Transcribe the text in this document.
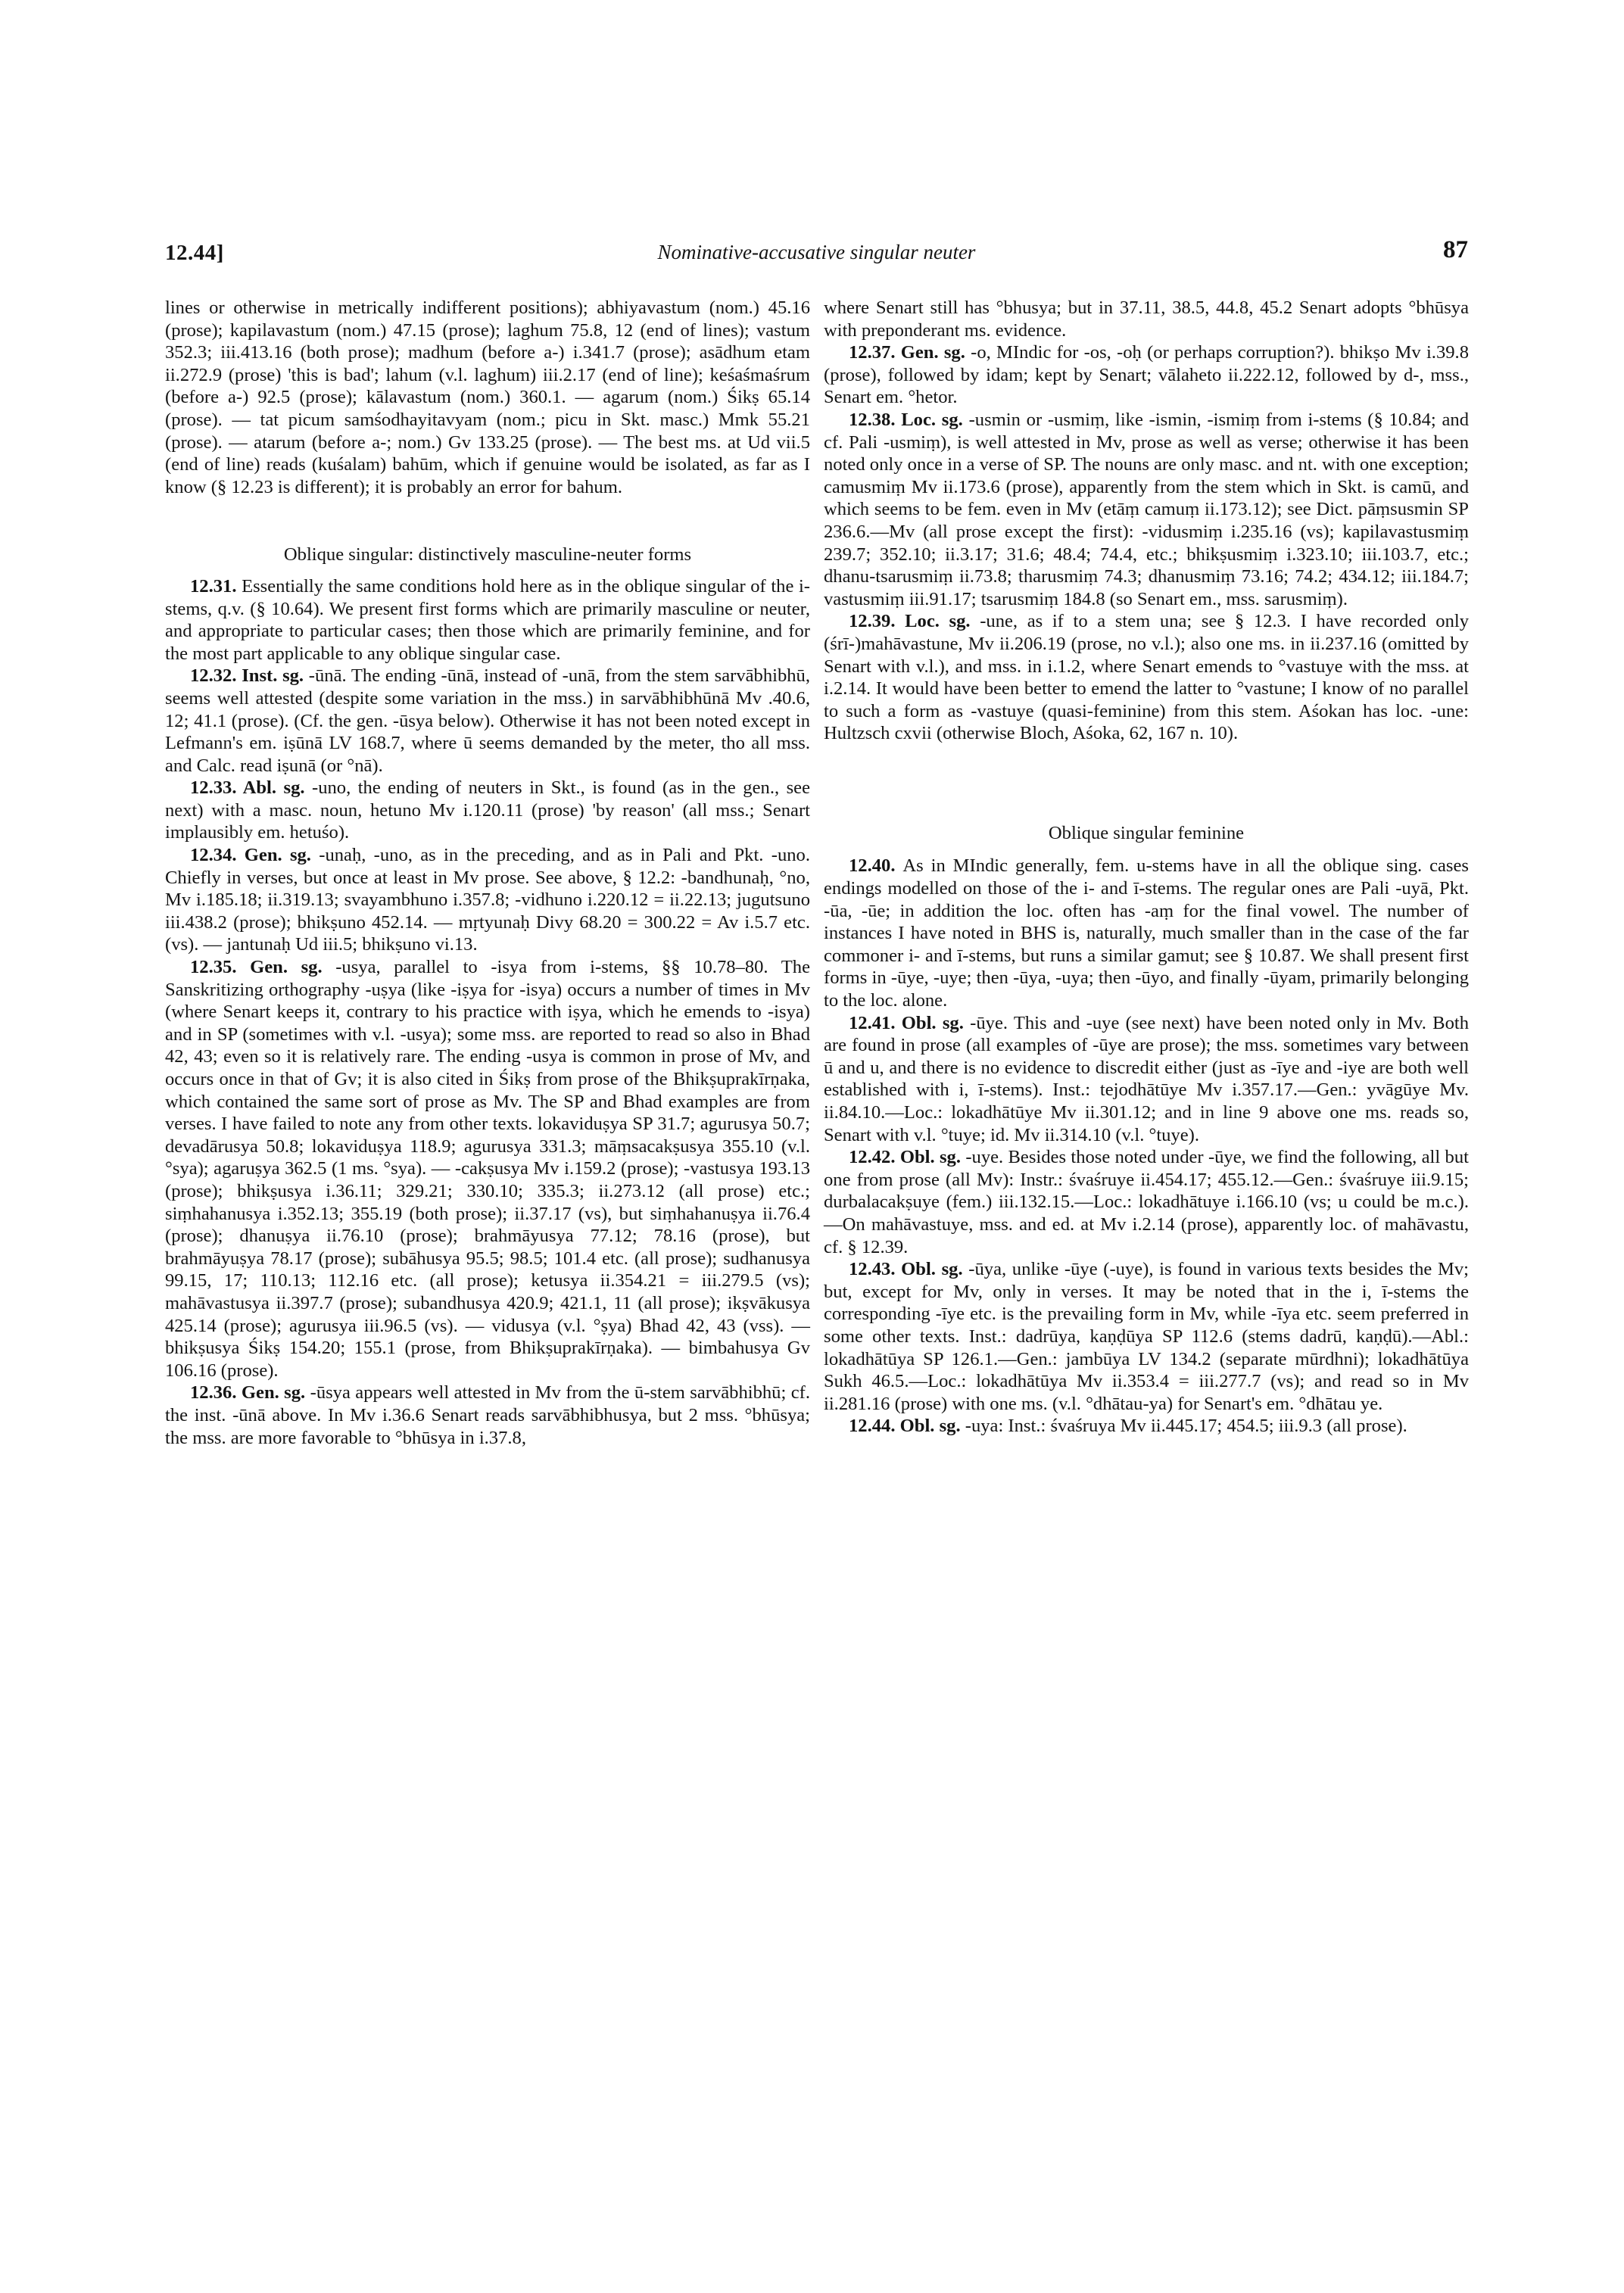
12.44]	Nominative-accusative singular neuter	87

lines or otherwise in metrically indifferent positions); abhiyavastum (nom.) 45.16 (prose); kapilavastum (nom.) 47.15 (prose); laghum 75.8, 12 (end of lines); vastum 352.3; iii.413.16 (both prose); madhum (before a-) i.341.7 (prose); asādhum etam ii.272.9 (prose) 'this is bad'; lahum (v.l. laghum) iii.2.17 (end of line); keśaśmaśrum (before a-) 92.5 (prose); kālavastum (nom.) 360.1. — agarum (nom.) Śikṣ 65.14 (prose). — tat picum samśodhayitavyam (nom.; picu in Skt. masc.) Mmk 55.21 (prose). — atarum (before a-; nom.) Gv 133.25 (prose). — The best ms. at Ud vii.5 (end of line) reads (kuśalam) bahūm, which if genuine would be isolated, as far as I know (§ 12.23 is different); it is probably an error for bahum.

Oblique singular: distinctively masculine-neuter forms

12.31. Essentially the same conditions hold here as in the oblique singular of the i-stems, q.v. (§ 10.64). We present first forms which are primarily masculine or neuter, and appropriate to particular cases; then those which are primarily feminine, and for the most part applicable to any oblique singular case.

12.32. Inst. sg. -ūnā. The ending -ūnā, instead of -unā, from the stem sarvābhibhū, seems well attested (despite some variation in the mss.) in sarvābhibhūnā Mv .40.6, 12; 41.1 (prose). (Cf. the gen. -ūsya below). Otherwise it has not been noted except in Lefmann's em. iṣūnā LV 168.7, where ū seems demanded by the meter, tho all mss. and Calc. read iṣunā (or °nā).

12.33. Abl. sg. -uno, the ending of neuters in Skt., is found (as in the gen., see next) with a masc. noun, hetuno Mv i.120.11 (prose) 'by reason' (all mss.; Senart implausibly em. hetuśo).

12.34. Gen. sg. -unaḥ, -uno, as in the preceding, and as in Pali and Pkt. -uno. Chiefly in verses, but once at least in Mv prose. See above, § 12.2: -bandhunaḥ, °no, Mv i.185.18; ii.319.13; svayambhuno i.357.8; -vidhuno i.220.12 = ii.22.13; jugutsuno iii.438.2 (prose); bhikṣuno 452.14. — mṛtyunaḥ Divy 68.20 = 300.22 = Av i.5.7 etc. (vs). — jantunaḥ Ud iii.5; bhikṣuno vi.13.

12.35. Gen. sg. -usya, parallel to -isya from i-stems, §§ 10.78–80. The Sanskritizing orthography -uṣya (like -iṣya for -isya) occurs a number of times in Mv (where Senart keeps it, contrary to his practice with iṣya, which he emends to -isya) and in SP (sometimes with v.l. -usya); some mss. are reported to read so also in Bhad 42, 43; even so it is relatively rare. The ending -usya is common in prose of Mv, and occurs once in that of Gv; it is also cited in Śikṣ from prose of the Bhikṣuprakīrṇaka, which contained the same sort of prose as Mv. The SP and Bhad examples are from verses. I have failed to note any from other texts. lokaviduṣya SP 31.7; agurusya 50.7; devadārusya 50.8; lokaviduṣya 118.9; agurusya 331.3; māṃsacakṣusya 355.10 (v.l. °sya); agaruṣya 362.5 (1 ms. °sya). — -cakṣusya Mv i.159.2 (prose); -vastusya 193.13 (prose); bhikṣusya i.36.11; 329.21; 330.10; 335.3; ii.273.12 (all prose) etc.; siṃhahanusya i.352.13; 355.19 (both prose); ii.37.17 (vs), but siṃhahanuṣya ii.76.4 (prose); dhanuṣya ii.76.10 (prose); brahmāyusya 77.12; 78.16 (prose), but brahmāyuṣya 78.17 (prose); subāhusya 95.5; 98.5; 101.4 etc. (all prose); sudhanusya 99.15, 17; 110.13; 112.16 etc. (all prose); ketusya ii.354.21 = iii.279.5 (vs); mahāvastusya ii.397.7 (prose); subandhusya 420.9; 421.1, 11 (all prose); ikṣvākusya 425.14 (prose); agurusya iii.96.5 (vs). — vidusya (v.l. °ṣya) Bhad 42, 43 (vss). — bhikṣusya Śikṣ 154.20; 155.1 (prose, from Bhikṣuprakīrṇaka). — bimbahusya Gv 106.16 (prose).

12.36. Gen. sg. -ūsya appears well attested in Mv from the ū-stem sarvābhibhū; cf. the inst. -ūnā above. In Mv i.36.6 Senart reads sarvābhibhusya, but 2 mss. °bhūsya; the mss. are more favorable to °bhūsya in i.37.8,

where Senart still has °bhusya; but in 37.11, 38.5, 44.8, 45.2 Senart adopts °bhūsya with preponderant ms. evidence.

12.37. Gen. sg. -o, MIndic for -os, -oḥ (or perhaps corruption?). bhikṣo Mv i.39.8 (prose), followed by idam; kept by Senart; vālaheto ii.222.12, followed by d-, mss., Senart em. °hetor.

12.38. Loc. sg. -usmin or -usmiṃ, like -ismin, -ismiṃ from i-stems (§ 10.84; and cf. Pali -usmiṃ), is well attested in Mv, prose as well as verse; otherwise it has been noted only once in a verse of SP. The nouns are only masc. and nt. with one exception; camusmiṃ Mv ii.173.6 (prose), apparently from the stem which in Skt. is camū, and which seems to be fem. even in Mv (etāṃ camuṃ ii.173.12); see Dict. pāṃsusmin SP 236.6.—Mv (all prose except the first): -vidusmiṃ i.235.16 (vs); kapilavastusmiṃ 239.7; 352.10; ii.3.17; 31.6; 48.4; 74.4, etc.; bhikṣusmiṃ i.323.10; iii.103.7, etc.; dhanu-tsarusmiṃ ii.73.8; tharusmiṃ 74.3; dhanusmiṃ 73.16; 74.2; 434.12; iii.184.7; vastusmiṃ iii.91.17; tsarusmiṃ 184.8 (so Senart em., mss. sarusmiṃ).

12.39. Loc. sg. -une, as if to a stem una; see § 12.3. I have recorded only (śrī-)mahāvastune, Mv ii.206.19 (prose, no v.l.); also one ms. in ii.237.16 (omitted by Senart with v.l.), and mss. in i.1.2, where Senart emends to °vastuye with the mss. at i.2.14. It would have been better to emend the latter to °vastune; I know of no parallel to such a form as -vastuye (quasi-feminine) from this stem. Aśokan has loc. -une: Hultzsch cxvii (otherwise Bloch, Aśoka, 62, 167 n. 10).

Oblique singular feminine

12.40. As in MIndic generally, fem. u-stems have in all the oblique sing. cases endings modelled on those of the i- and ī-stems. The regular ones are Pali -uyā, Pkt. -ūa, -ūe; in addition the loc. often has -aṃ for the final vowel. The number of instances I have noted in BHS is, naturally, much smaller than in the case of the far commoner i- and ī-stems, but runs a similar gamut; see § 10.87. We shall present first forms in -ūye, -uye; then -ūya, -uya; then -ūyo, and finally -ūyam, primarily belonging to the loc. alone.

12.41. Obl. sg. -ūye. This and -uye (see next) have been noted only in Mv. Both are found in prose (all examples of -ūye are prose); the mss. sometimes vary between ū and u, and there is no evidence to discredit either (just as -īye and -iye are both well established with i, ī-stems). Inst.: tejodhātūye Mv i.357.17.—Gen.: yvāgūye Mv. ii.84.10.—Loc.: lokadhātūye Mv ii.301.12; and in line 9 above one ms. reads so, Senart with v.l. °tuye; id. Mv ii.314.10 (v.l. °tuye).

12.42. Obl. sg. -uye. Besides those noted under -ūye, we find the following, all but one from prose (all Mv): Instr.: śvaśruye ii.454.17; 455.12.—Gen.: śvaśruye iii.9.15; durbalacakṣuye (fem.) iii.132.15.—Loc.: lokadhātuye i.166.10 (vs; u could be m.c.).—On mahāvastuye, mss. and ed. at Mv i.2.14 (prose), apparently loc. of mahāvastu, cf. § 12.39.

12.43. Obl. sg. -ūya, unlike -ūye (-uye), is found in various texts besides the Mv; but, except for Mv, only in verses. It may be noted that in the i, ī-stems the corresponding -īye etc. is the prevailing form in Mv, while -īya etc. seem preferred in some other texts. Inst.: dadrūya, kaṇḍūya SP 112.6 (stems dadrū, kaṇḍū).—Abl.: lokadhātūya SP 126.1.—Gen.: jambūya LV 134.2 (separate mūrdhni); lokadhātūya Sukh 46.5.—Loc.: lokadhātūya Mv ii.353.4 = iii.277.7 (vs); and read so in Mv ii.281.16 (prose) with one ms. (v.l. °dhātau-ya) for Senart's em. °dhātau ye.

12.44. Obl. sg. -uya: Inst.: śvaśruya Mv ii.445.17; 454.5; iii.9.3 (all prose).
